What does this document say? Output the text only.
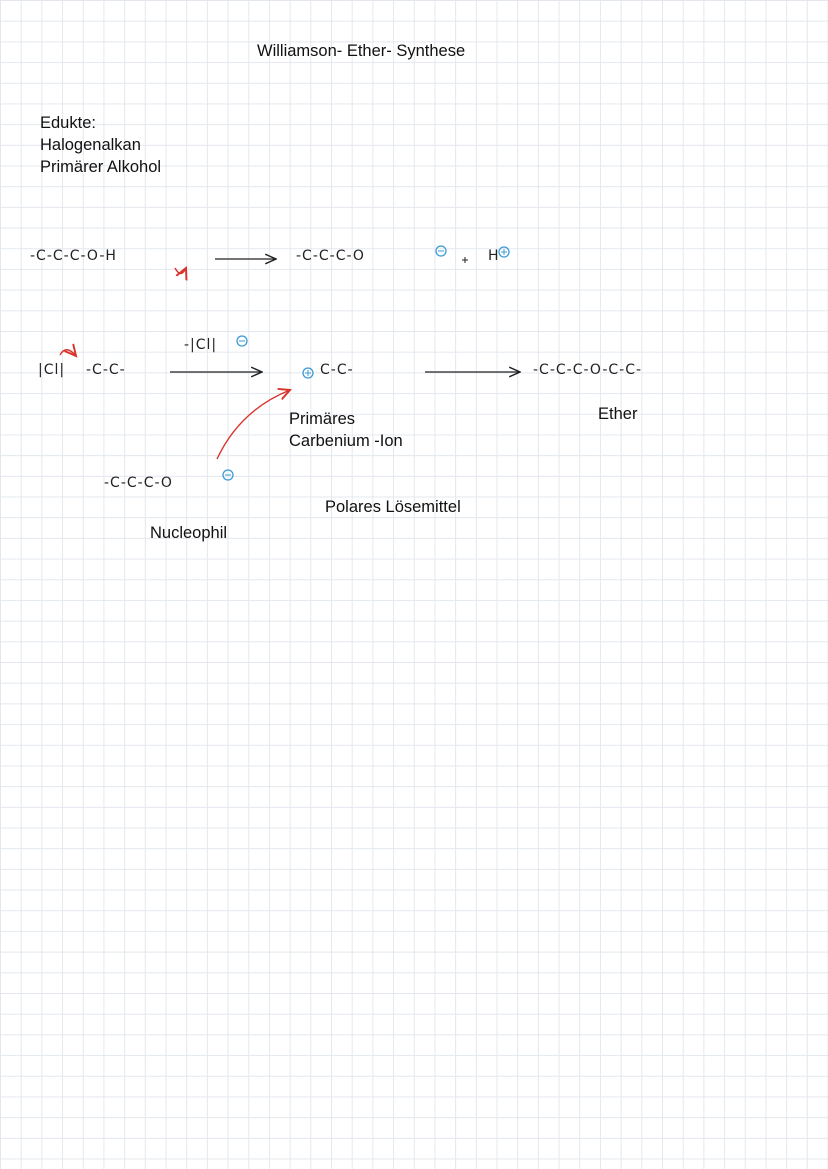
Williamson- Ether- Synthese
Edukte:
Halogenalkan
Primärer Alkohol
Primäres
Carbenium -Ion
Ether
Polares Lösemittel
Nucleophil
-C-C-C-O-H	-C-C-C-O	H
|Cl| -C-C-
-|Cl|
C-C-	-C-C-C-O-C-C-
-C-C-C-O
